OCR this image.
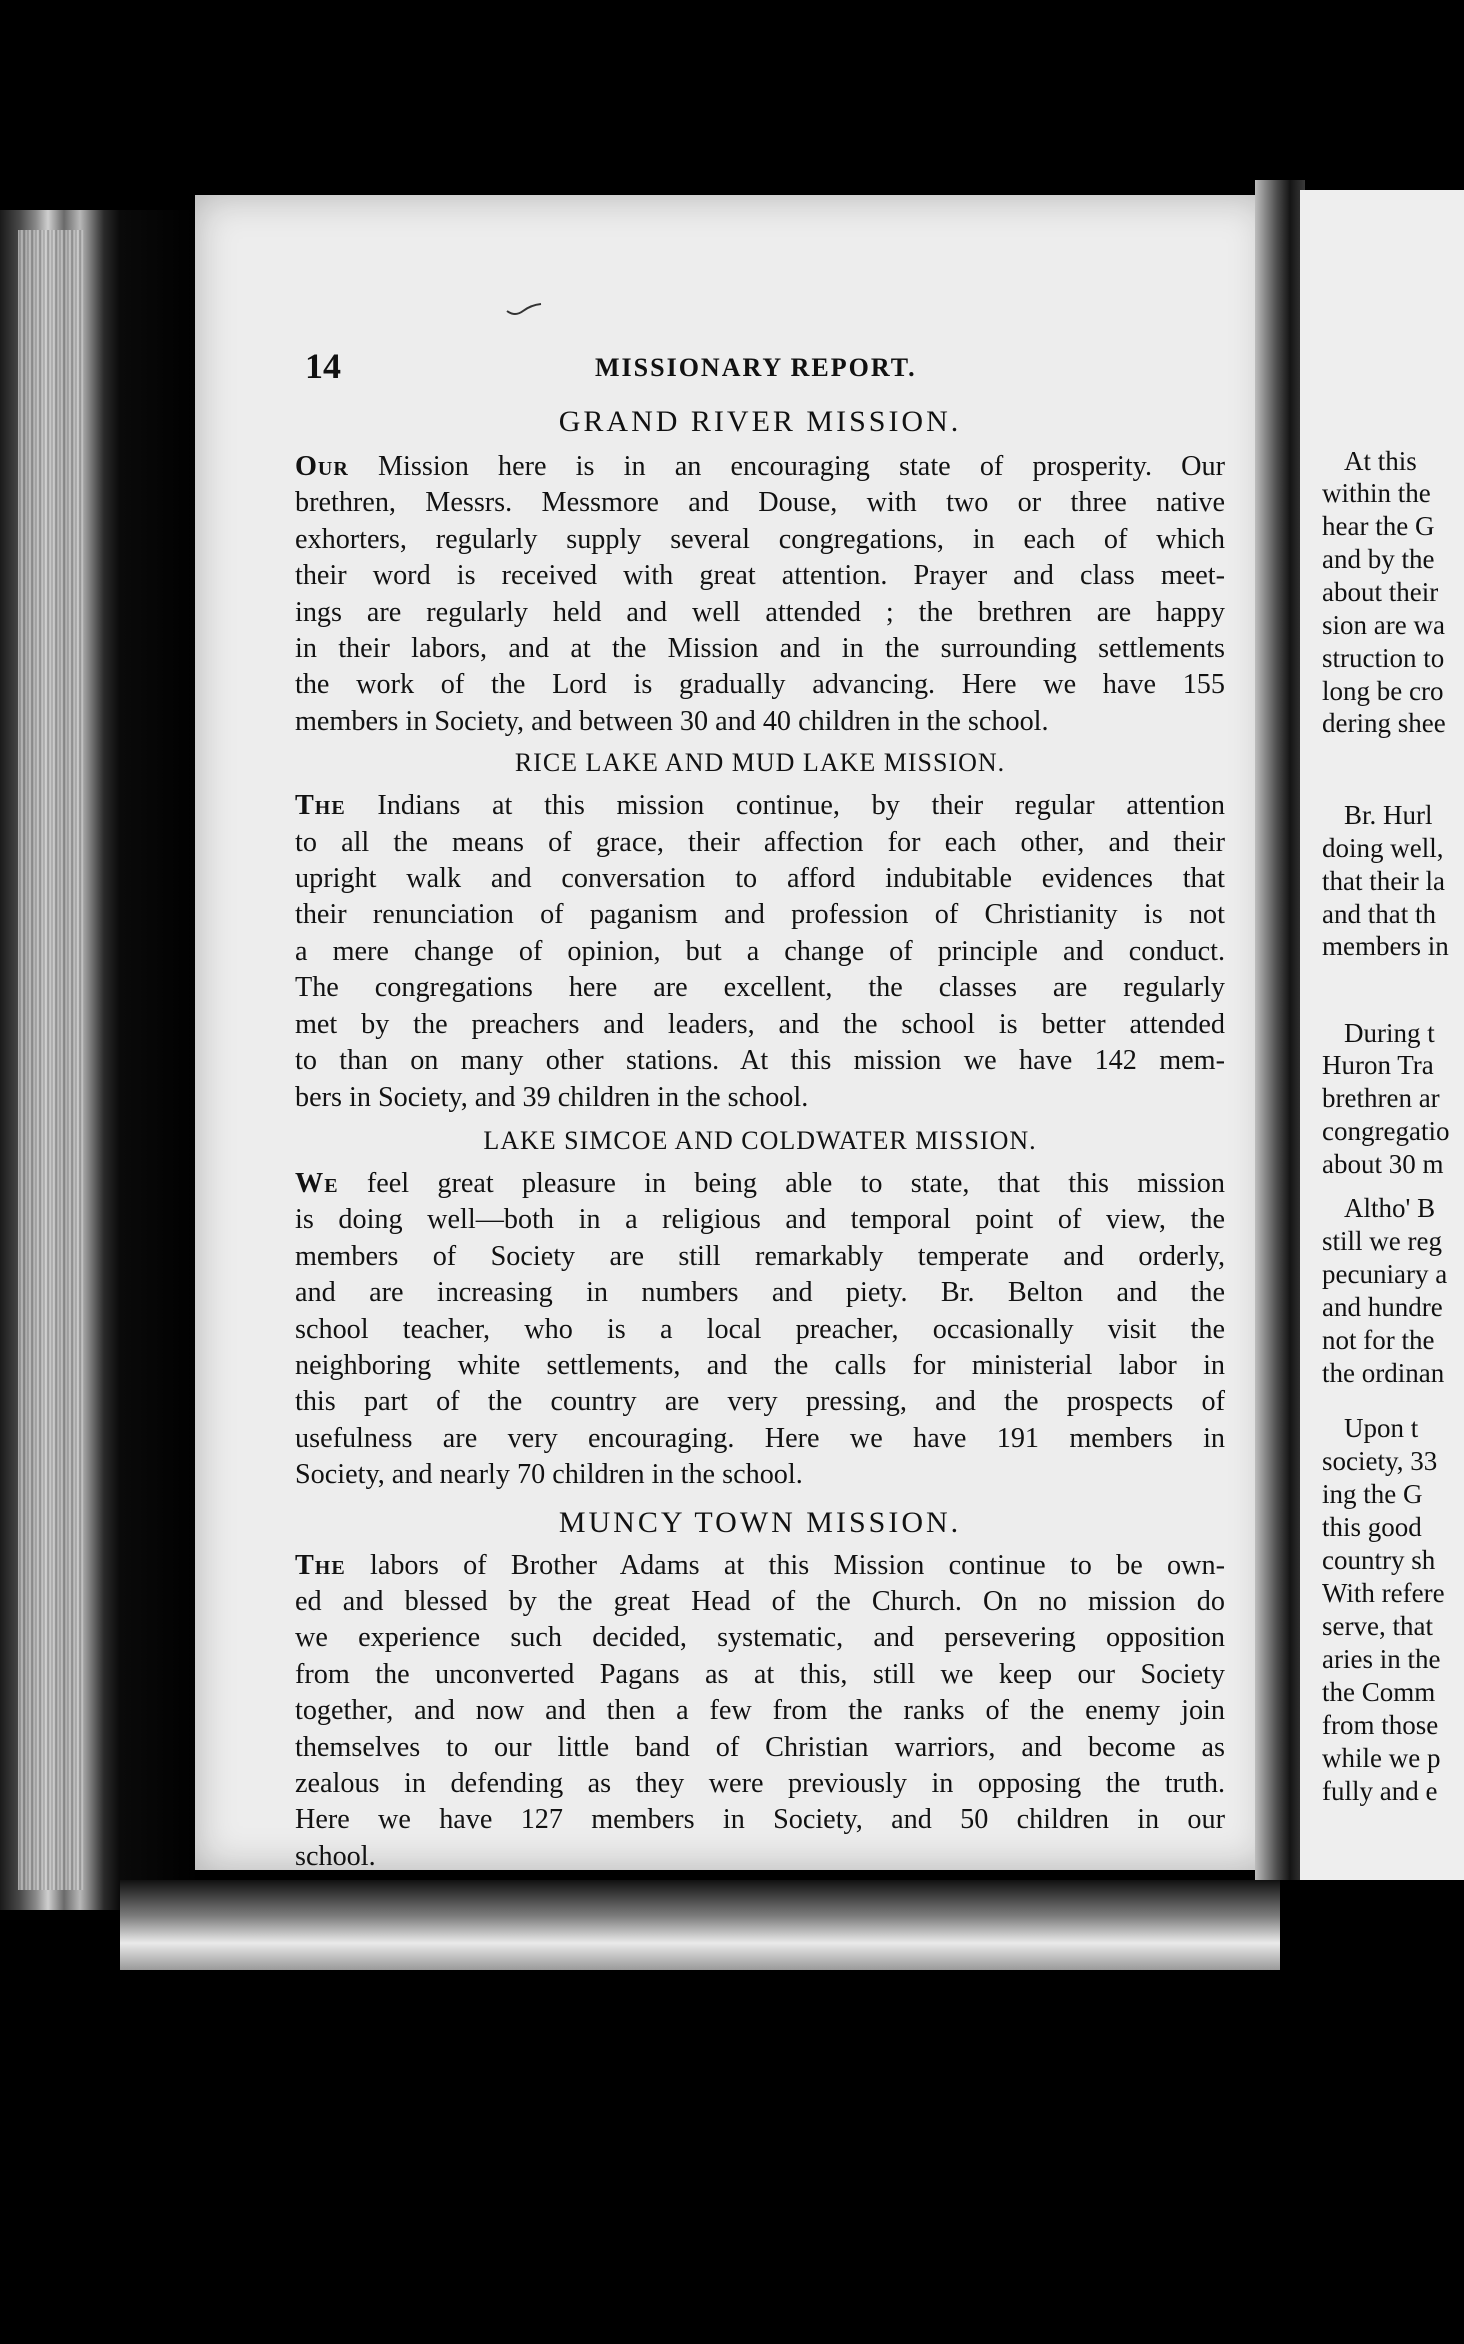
14	MISSIONARY REPORT.
GRAND RIVER MISSION.

Our Mission here is in an encouraging state of prosperity. Our
brethren, Messrs. Messmore and Douse, with two or three native
exhorters, regularly supply several congregations, in each of which
their word is received with great attention. Prayer and class meet-
ings are regularly held and well attended ; the brethren are happy
in their labors, and at the Mission and in the surrounding settlements
the work of the Lord is gradually advancing. Here we have 155
members in Society, and between 30 and 40 children in the school.

RICE LAKE AND MUD LAKE MISSION.

The Indians at this mission continue, by their regular attention
to all the means of grace, their affection for each other, and their
upright walk and conversation to afford indubitable evidences that
their renunciation of paganism and profession of Christianity is not
a mere change of opinion, but a change of principle and conduct.
The congregations here are excellent, the classes are regularly
met by the preachers and leaders, and the school is better attended
to than on many other stations. At this mission we have 142 mem-
bers in Society, and 39 children in the school.

LAKE SIMCOE AND COLDWATER MISSION.

We feel great pleasure in being able to state, that this mission
is doing well—both in a religious and temporal point of view, the
members of Society are still remarkably temperate and orderly,
and are increasing in numbers and piety. Br. Belton and the
school teacher, who is a local preacher, occasionally visit the
neighboring white settlements, and the calls for ministerial labor in
this part of the country are very pressing, and the prospects of
usefulness are very encouraging. Here we have 191 members in
Society, and nearly 70 children in the school.

MUNCY TOWN MISSION.

The labors of Brother Adams at this Mission continue to be own-
ed and blessed by the great Head of the Church. On no mission do
we experience such decided, systematic, and persevering opposition
from the unconverted Pagans as at this, still we keep our Society
together, and now and then a few from the ranks of the enemy join
themselves to our little band of Christian warriors, and become as
zealous in defending as they were previously in opposing the truth.
Here we have 127 members in Society, and 50 children in our
school.

At this
within the
hear the G
and by the
about their
sion are wa
struction to
long be cro
dering shee
Br. Hurl
doing well,
that their la
and that th
members in
During t
Huron Tra
brethren ar
congregatio
about 30 m
Altho' B
still we reg
pecuniary a
and hundre
not for the
the ordinan
Upon t
society, 33
ing the G
this good
country sh
With refere
serve, that
aries in the
the Comm
from those
while we p
fully and e
